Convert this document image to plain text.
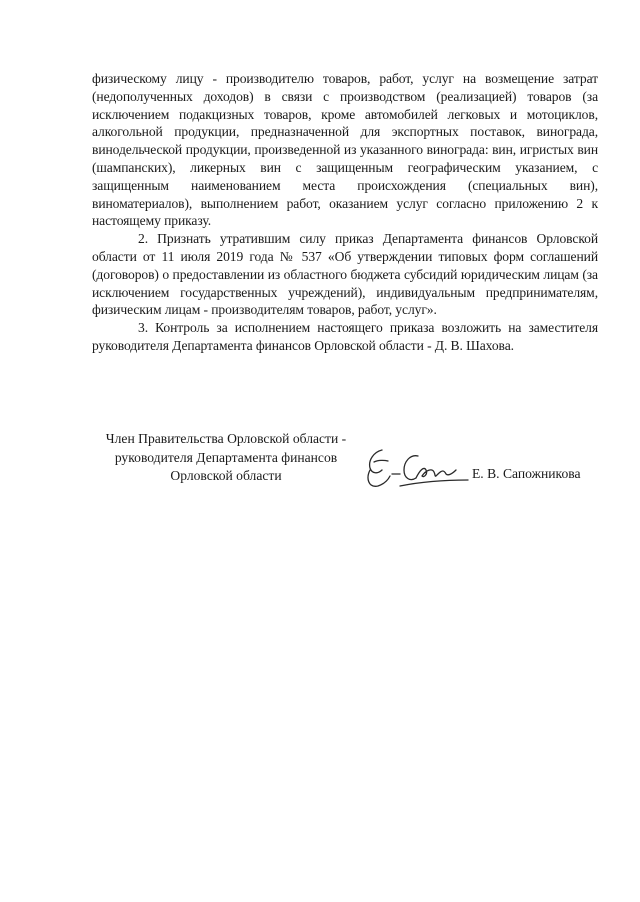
физическому лицу - производителю товаров, работ, услуг на возмещение затрат (недополученных доходов) в связи с производством (реализацией) товаров (за исключением подакцизных товаров, кроме автомобилей легковых и мотоциклов, алкогольной продукции, предназначенной для экспортных поставок, винограда, винодельческой продукции, произведенной из указанного винограда: вин, игристых вин (шампанских), ликерных вин с защищенным географическим указанием, с защищенным наименованием места происхождения (специальных вин), виноматериалов), выполнением работ, оказанием услуг согласно приложению 2 к настоящему приказу.

2. Признать утратившим силу приказ Департамента финансов Орловской области от 11 июля 2019 года № 537 «Об утверждении типовых форм соглашений (договоров) о предоставлении из областного бюджета субсидий юридическим лицам (за исключением государственных учреждений), индивидуальным предпринимателям, физическим лицам - производителям товаров, работ, услуг».

3. Контроль за исполнением настоящего приказа возложить на заместителя руководителя Департамента финансов Орловской области - Д. В. Шахова.

Член Правительства Орловской области -
руководителя Департамента финансов
Орловской области	Е. В. Сапожникова
